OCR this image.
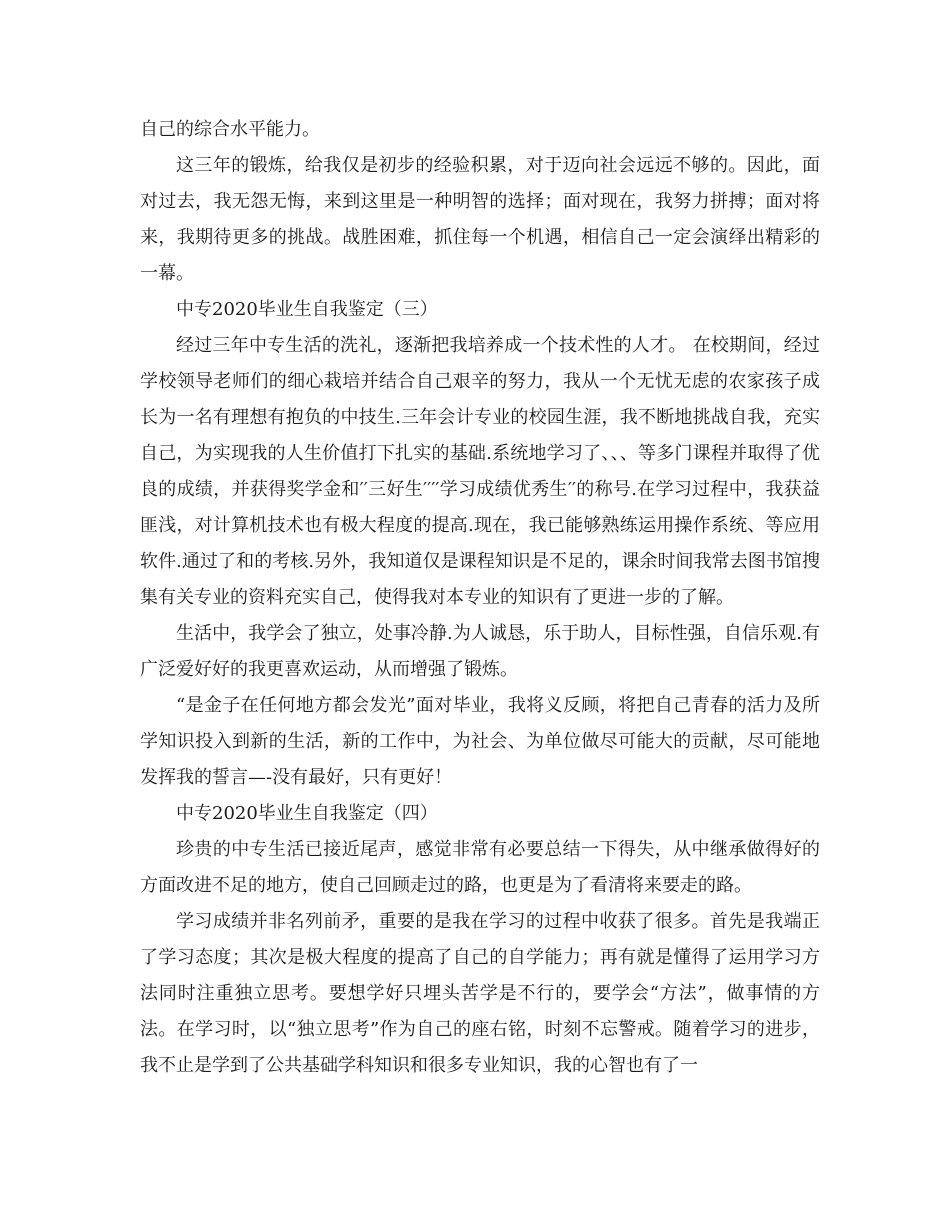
自己的综合水平能力。

这三年的锻炼，给我仅是初步的经验积累，对于迈向社会远远不够的。因此，面对过去，我无怨无悔，来到这里是一种明智的选择；面对现在，我努力拼搏；面对将来，我期待更多的挑战。战胜困难，抓住每一个机遇，相信自己一定会演绎出精彩的一幕。

中专2020毕业生自我鉴定（三）

经过三年中专生活的洗礼，逐渐把我培养成一个技术性的人才。 在校期间，经过学校领导老师们的细心栽培并结合自己艰辛的努力，我从一个无忧无虑的农家孩子成长为一名有理想有抱负的中技生.三年会计专业的校园生涯，我不断地挑战自我，充实自己，为实现我的人生价值打下扎实的基础.系统地学习了、、、等多门课程并取得了优良的成绩，并获得奖学金和′′三好生′′′′学习成绩优秀生′′的称号.在学习过程中，我获益匪浅，对计算机技术也有极大程度的提高.现在，我已能够熟练运用操作系统、等应用软件.通过了和的考核.另外，我知道仅是课程知识是不足的，课余时间我常去图书馆搜集有关专业的资料充实自己，使得我对本专业的知识有了更进一步的了解。

生活中，我学会了独立，处事冷静.为人诚恳，乐于助人，目标性强，自信乐观.有广泛爱好好的我更喜欢运动，从而增强了锻炼。

“是金子在任何地方都会发光”面对毕业，我将义反顾，将把自己青春的活力及所学知识投入到新的生活，新的工作中，为社会、为单位做尽可能大的贡献，尽可能地发挥我的誓言—-没有最好，只有更好！

中专2020毕业生自我鉴定（四）

珍贵的中专生活已接近尾声，感觉非常有必要总结一下得失，从中继承做得好的方面改进不足的地方，使自己回顾走过的路，也更是为了看清将来要走的路。

学习成绩并非名列前矛，重要的是我在学习的过程中收获了很多。首先是我端正了学习态度；其次是极大程度的提高了自己的自学能力；再有就是懂得了运用学习方法同时注重独立思考。要想学好只埋头苦学是不行的，要学会“方法”，做事情的方法。在学习时，以“独立思考”作为自己的座右铭，时刻不忘警戒。随着学习的进步，我不止是学到了公共基础学科知识和很多专业知识，我的心智也有了一
